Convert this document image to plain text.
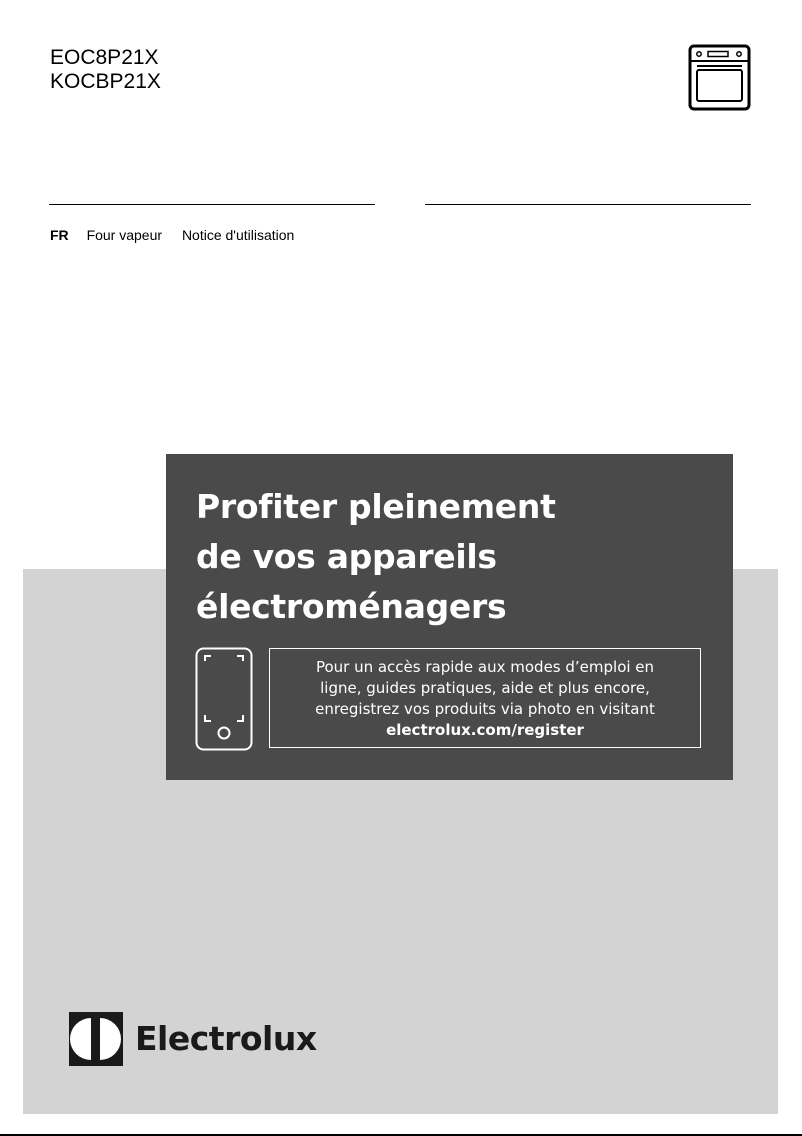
EOC8P21X
KOCBP21X
FR Four vapeur Notice d'utilisation
Profiter pleinement
de vos appareils
électroménagers
Pour un accès rapide aux modes d’emploi en
ligne, guides pratiques, aide et plus encore,
enregistrez vos produits via photo en visitant
electrolux.com/register
Electrolux
